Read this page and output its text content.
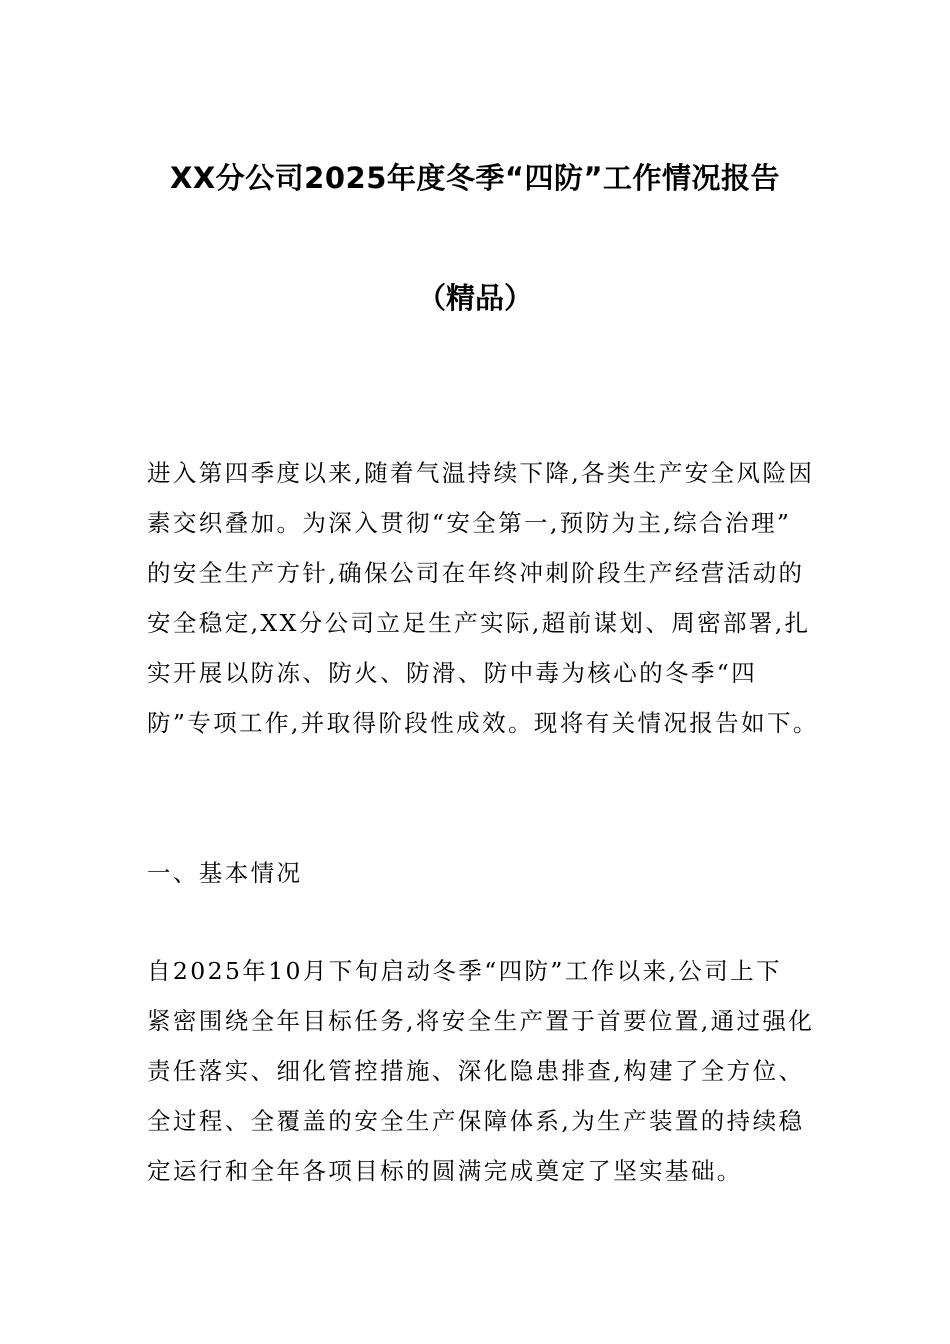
XX分公司2025年度冬季“四防”工作情况报告
（精品）
进入第四季度以来,随着气温持续下降,各类生产安全风险因
素交织叠加。为深入贯彻“安全第一,预防为主,综合治理”
的安全生产方针,确保公司在年终冲刺阶段生产经营活动的
安全稳定,XX分公司立足生产实际,超前谋划、周密部署,扎
实开展以防冻、防火、防滑、防中毒为核心的冬季“四
防”专项工作,并取得阶段性成效。现将有关情况报告如下。
一、基本情况
自2025年10月下旬启动冬季“四防”工作以来,公司上下
紧密围绕全年目标任务,将安全生产置于首要位置,通过强化
责任落实、细化管控措施、深化隐患排查,构建了全方位、
全过程、全覆盖的安全生产保障体系,为生产装置的持续稳
定运行和全年各项目标的圆满完成奠定了坚实基础。
